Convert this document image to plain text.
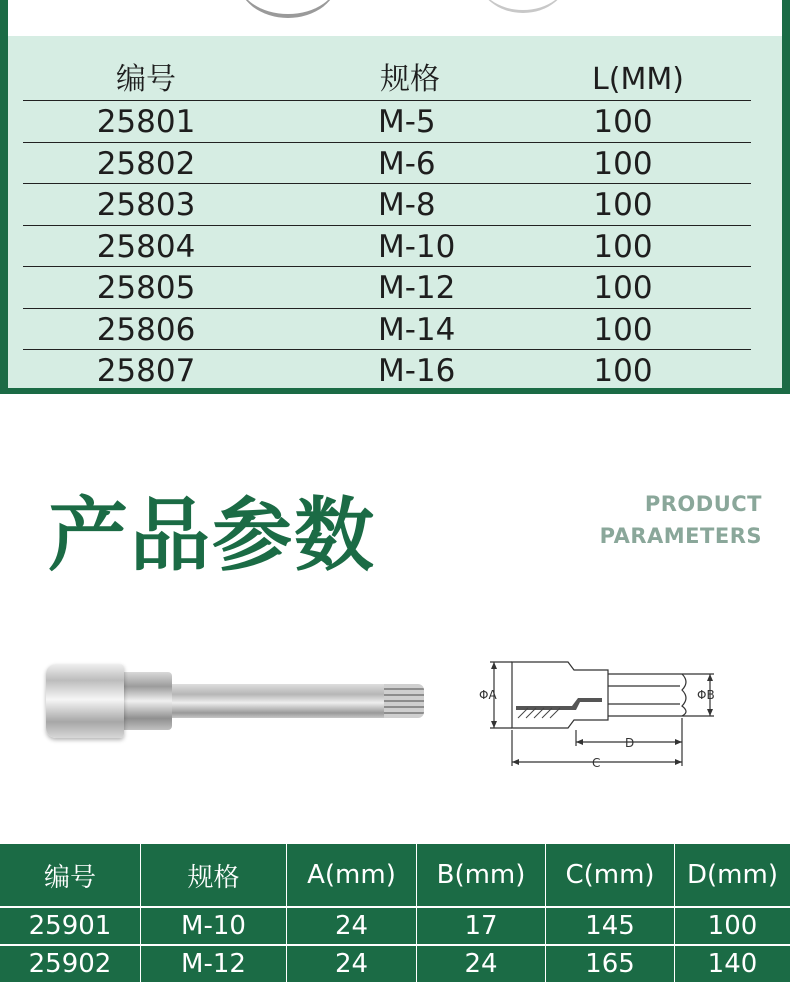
编号	规格	L(MM)
25801	M-5	100
25802	M-6	100
25803	M-8	100
25804	M-10	100
25805	M-12	100
25806	M-14	100
25807	M-16	100
产品参数	PRODUCT
PARAMETERS
ΦA	ΦB
D
C
编号	规格	A(mm)	B(mm)	C(mm)	D(mm)
25901	M-10	24	17	145	100
25902	M-12	24	24	165	140
